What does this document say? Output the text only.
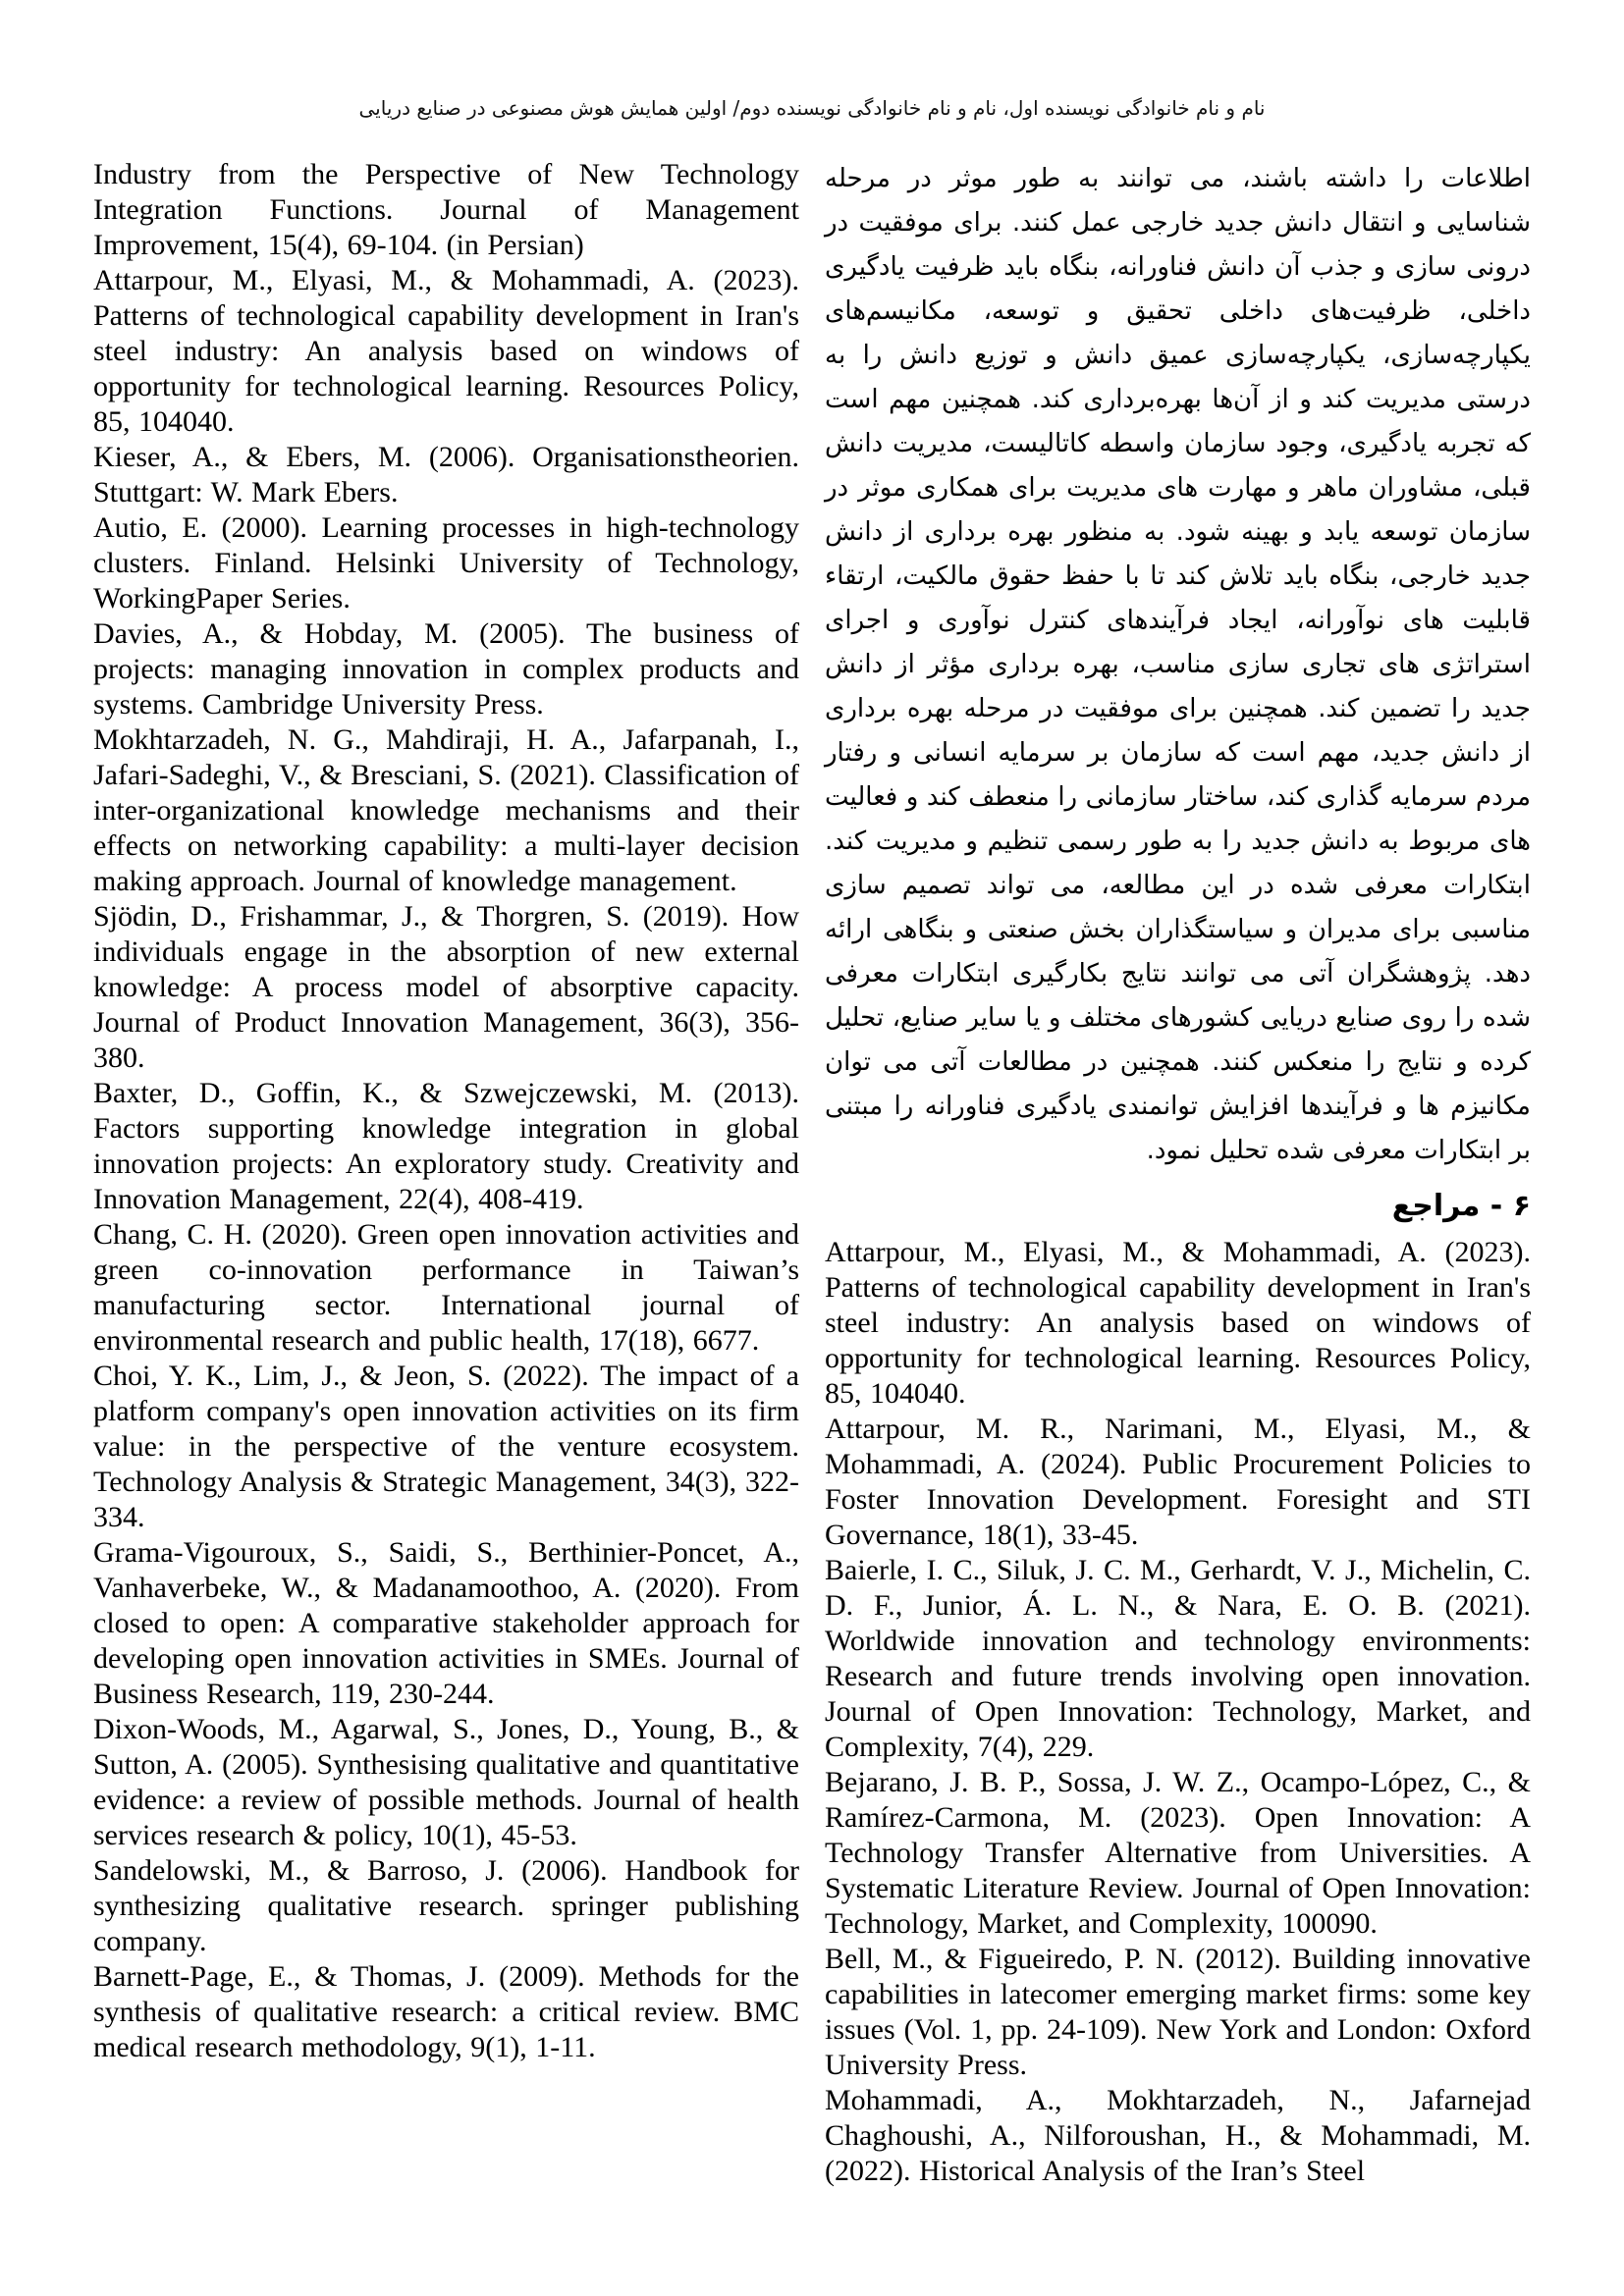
نام و نام خانوادگی نویسنده اول، نام و نام خانوادگی نویسنده دوم/ اولین همایش هوش مصنوعی در صنایع دریایی

Industry from the Perspective of New Technology Integration Functions. Journal of Management Improvement, 15(4), 69-104. (in Persian)

Attarpour, M., Elyasi, M., & Mohammadi, A. (2023). Patterns of technological capability development in Iran's steel industry: An analysis based on windows of opportunity for technological learning. Resources Policy, 85, 104040.

Kieser, A., & Ebers, M. (2006). Organisationstheorien. Stuttgart: W. Mark Ebers.

Autio, E. (2000). Learning processes in high-technology clusters. Finland. Helsinki University of Technology, WorkingPaper Series.

Davies, A., & Hobday, M. (2005). The business of projects: managing innovation in complex products and systems. Cambridge University Press.

Mokhtarzadeh, N. G., Mahdiraji, H. A., Jafarpanah, I., Jafari-Sadeghi, V., & Bresciani, S. (2021). Classification of inter-organizational knowledge mechanisms and their effects on networking capability: a multi-layer decision making approach. Journal of knowledge management.

Sjödin, D., Frishammar, J., & Thorgren, S. (2019). How individuals engage in the absorption of new external knowledge: A process model of absorptive capacity. Journal of Product Innovation Management, 36(3), 356-380.

Baxter, D., Goffin, K., & Szwejczewski, M. (2013). Factors supporting knowledge integration in global innovation projects: An exploratory study. Creativity and Innovation Management, 22(4), 408-419.

Chang, C. H. (2020). Green open innovation activities and green co-innovation performance in Taiwan’s manufacturing sector. International journal of environmental research and public health, 17(18), 6677.

Choi, Y. K., Lim, J., & Jeon, S. (2022). The impact of a platform company's open innovation activities on its firm value: in the perspective of the venture ecosystem. Technology Analysis & Strategic Management, 34(3), 322-334.

Grama-Vigouroux, S., Saidi, S., Berthinier-Poncet, A., Vanhaverbeke, W., & Madanamoothoo, A. (2020). From closed to open: A comparative stakeholder approach for developing open innovation activities in SMEs. Journal of Business Research, 119, 230-244.

Dixon-Woods, M., Agarwal, S., Jones, D., Young, B., & Sutton, A. (2005). Synthesising qualitative and quantitative evidence: a review of possible methods. Journal of health services research & policy, 10(1), 45-53.

Sandelowski, M., & Barroso, J. (2006). Handbook for synthesizing qualitative research. springer publishing company.

Barnett-Page, E., & Thomas, J. (2009). Methods for the synthesis of qualitative research: a critical review. BMC medical research methodology, 9(1), 1-11.

اطلاعات را داشته باشند، می توانند به طور موثر در مرحله شناسایی و انتقال دانش جدید خارجی عمل کنند. برای موفقیت در درونی سازی و جذب آن دانش فناورانه، بنگاه باید ظرفیت یادگیری داخلی، ظرفیت‌های داخلی تحقیق و توسعه، مکانیسم‌های یکپارچه‌سازی، یکپارچه‌سازی عمیق دانش و توزیع دانش را به درستی مدیریت کند و از آن‌ها بهره‌برداری کند. همچنین مهم است که تجربه یادگیری، وجود سازمان واسطه کاتالیست، مدیریت دانش قبلی، مشاوران ماهر و مهارت های مدیریت برای همکاری موثر در سازمان توسعه یابد و بهینه شود. به منظور بهره برداری از دانش جدید خارجی، بنگاه باید تلاش کند تا با حفظ حقوق مالکیت، ارتقاء قابلیت های نوآورانه، ایجاد فرآیندهای کنترل نوآوری و اجرای استراتژی های تجاری سازی مناسب، بهره برداری مؤثر از دانش جدید را تضمین کند. همچنین برای موفقیت در مرحله بهره برداری از دانش جدید، مهم است که سازمان بر سرمایه انسانی و رفتار مردم سرمایه گذاری کند، ساختار سازمانی را منعطف کند و فعالیت های مربوط به دانش جدید را به طور رسمی تنظیم و مدیریت کند. ابتکارات معرفی شده در این مطالعه، می تواند تصمیم سازی مناسبی برای مدیران و سیاستگذاران بخش صنعتی و بنگاهی ارائه دهد. پژوهشگران آتی می توانند نتایج بکارگیری ابتکارات معرفی شده را روی صنایع دریایی کشورهای مختلف و یا سایر صنایع، تحلیل کرده و نتایج را منعکس کنند. همچنین در مطالعات آتی می توان مکانیزم ها و فرآیندها افزایش توانمندی یادگیری فناورانه را مبتنی بر ابتکارات معرفی شده تحلیل نمود.

۶ - مراجع

Attarpour, M., Elyasi, M., & Mohammadi, A. (2023). Patterns of technological capability development in Iran's steel industry: An analysis based on windows of opportunity for technological learning. Resources Policy, 85, 104040.

Attarpour, M. R., Narimani, M., Elyasi, M., & Mohammadi, A. (2024). Public Procurement Policies to Foster Innovation Development. Foresight and STI Governance, 18(1), 33-45.

Baierle, I. C., Siluk, J. C. M., Gerhardt, V. J., Michelin, C. D. F., Junior, Á. L. N., & Nara, E. O. B. (2021). Worldwide innovation and technology environments: Research and future trends involving open innovation. Journal of Open Innovation: Technology, Market, and Complexity, 7(4), 229.

Bejarano, J. B. P., Sossa, J. W. Z., Ocampo-López, C., & Ramírez-Carmona, M. (2023). Open Innovation: A Technology Transfer Alternative from Universities. A Systematic Literature Review. Journal of Open Innovation: Technology, Market, and Complexity, 100090.

Bell, M., & Figueiredo, P. N. (2012). Building innovative capabilities in latecomer emerging market firms: some key issues (Vol. 1, pp. 24-109). New York and London: Oxford University Press.

Mohammadi, A., Mokhtarzadeh, N., Jafarnejad Chaghoushi, A., Nilforoushan, H., & Mohammadi, M. (2022). Historical Analysis of the Iran’s Steel
